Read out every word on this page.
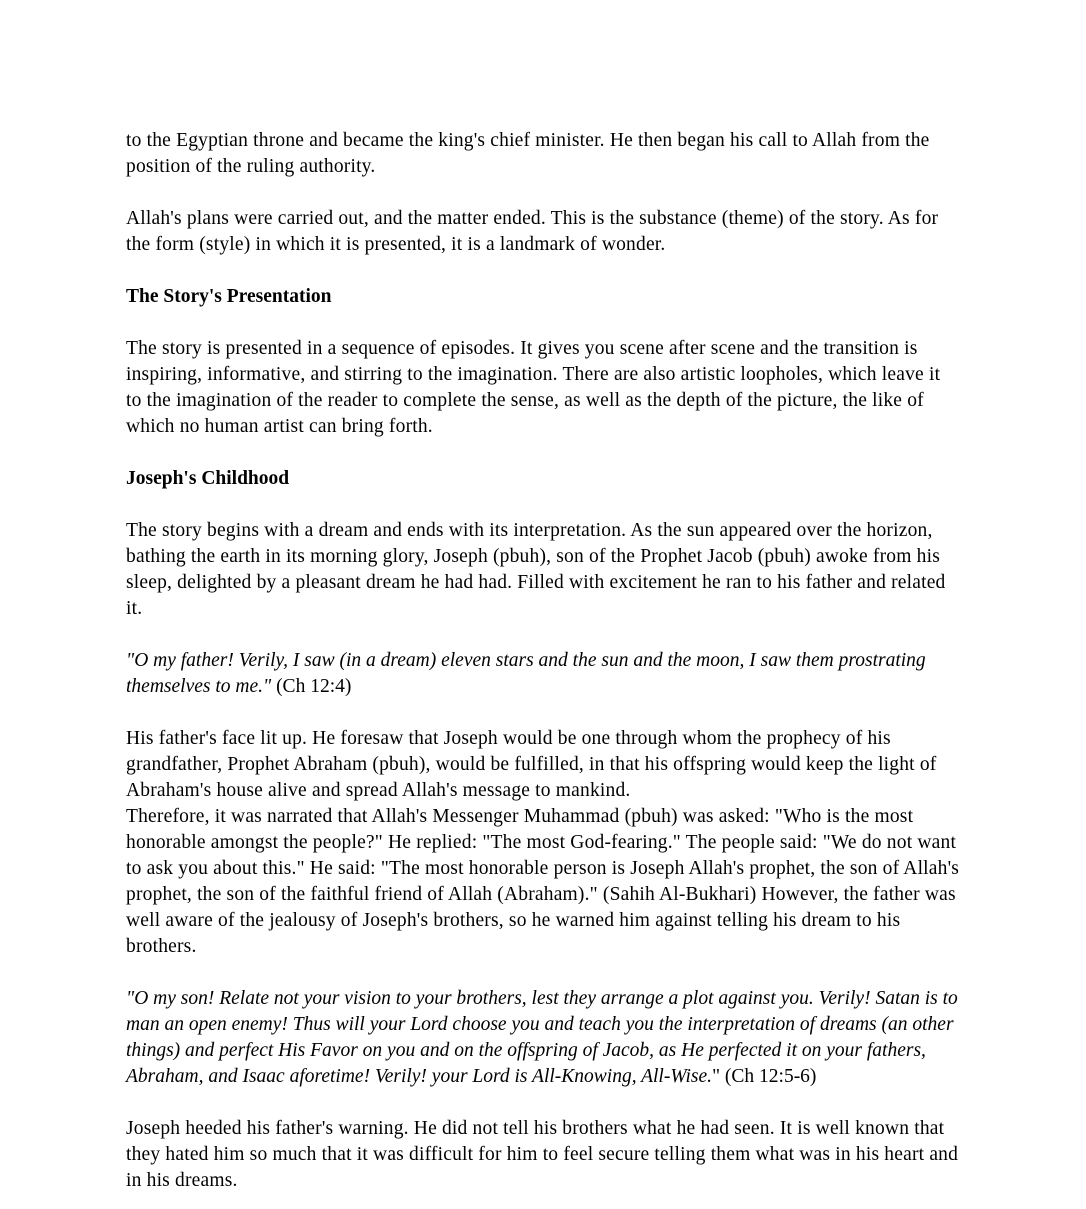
to the Egyptian throne and became the king's chief minister. He then began his call to Allah from the position of the ruling authority.

Allah's plans were carried out, and the matter ended. This is the substance (theme) of the story. As for the form (style) in which it is presented, it is a landmark of wonder.

The Story's Presentation

The story is presented in a sequence of episodes. It gives you scene after scene and the transition is inspiring, informative, and stirring to the imagination. There are also artistic loopholes, which leave it to the imagination of the reader to complete the sense, as well as the depth of the picture, the like of which no human artist can bring forth.

Joseph's Childhood

The story begins with a dream and ends with its interpretation. As the sun appeared over the horizon, bathing the earth in its morning glory, Joseph (pbuh), son of the Prophet Jacob (pbuh) awoke from his sleep, delighted by a pleasant dream he had had. Filled with excitement he ran to his father and related it.

"O my father! Verily, I saw (in a dream) eleven stars and the sun and the moon, I saw them prostrating themselves to me." (Ch 12:4)

His father's face lit up. He foresaw that Joseph would be one through whom the prophecy of his grandfather, Prophet Abraham (pbuh), would be fulfilled, in that his offspring would keep the light of Abraham's house alive and spread Allah's message to mankind.

Therefore, it was narrated that Allah's Messenger Muhammad (pbuh) was asked: "Who is the most honorable amongst the people?" He replied: "The most God-fearing." The people said: "We do not want to ask you about this." He said: "The most honorable person is Joseph Allah's prophet, the son of Allah's prophet, the son of the faithful friend of Allah (Abraham)." (Sahih Al-Bukhari) However, the father was well aware of the jealousy of Joseph's brothers, so he warned him against telling his dream to his brothers.

"O my son! Relate not your vision to your brothers, lest they arrange a plot against you. Verily! Satan is to man an open enemy! Thus will your Lord choose you and teach you the interpretation of dreams (an other things) and perfect His Favor on you and on the offspring of Jacob, as He perfected it on your fathers, Abraham, and Isaac aforetime! Verily! your Lord is All-Knowing, All-Wise." (Ch 12:5-6)

Joseph heeded his father's warning. He did not tell his brothers what he had seen. It is well known that they hated him so much that it was difficult for him to feel secure telling them what was in his heart and in his dreams.
